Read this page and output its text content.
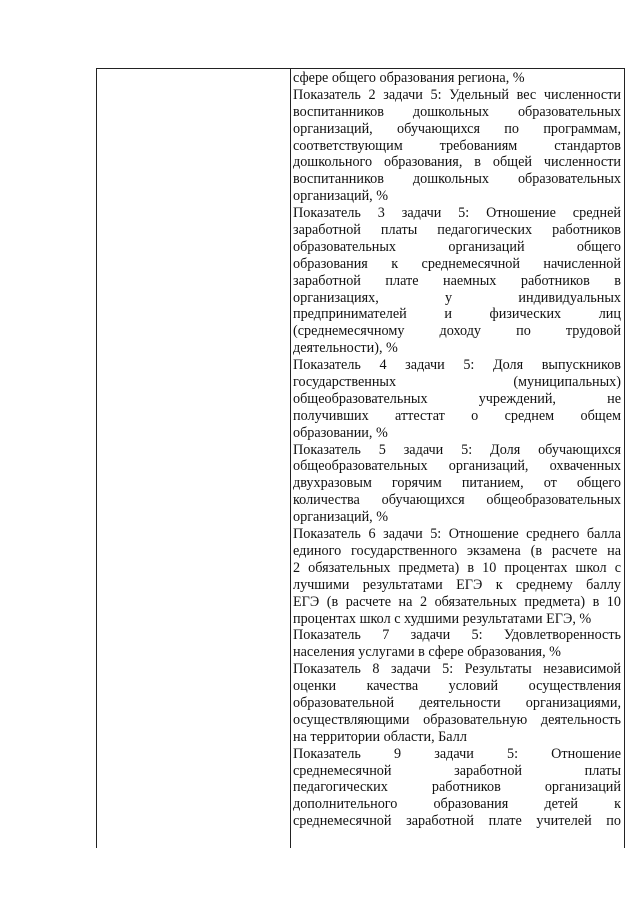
сфере общего образования региона, %
Показатель 2 задачи 5: Удельный вес численности
воспитанников дошкольных образовательных
организаций, обучающихся по программам,
соответствующим требованиям стандартов
дошкольного образования, в общей численности
воспитанников дошкольных образовательных
организаций, %
Показатель 3 задачи 5: Отношение средней
заработной платы педагогических работников
образовательных организаций общего
образования к среднемесячной начисленной
заработной плате наемных работников в
организациях, у индивидуальных
предпринимателей и физических лиц
(среднемесячному доходу по трудовой
деятельности), %
Показатель 4 задачи 5: Доля выпускников
государственных (муниципальных)
общеобразовательных учреждений, не
получивших аттестат о среднем общем
образовании, %
Показатель 5 задачи 5: Доля обучающихся
общеобразовательных организаций, охваченных
двухразовым горячим питанием, от общего
количества обучающихся общеобразовательных
организаций, %
Показатель 6 задачи 5: Отношение среднего балла
единого государственного экзамена (в расчете на
2 обязательных предмета) в 10 процентах школ с
лучшими результатами ЕГЭ к среднему баллу
ЕГЭ (в расчете на 2 обязательных предмета) в 10
процентах школ с худшими результатами ЕГЭ, %
Показатель 7 задачи 5: Удовлетворенность
населения услугами в сфере образования, %
Показатель 8 задачи 5: Результаты независимой
оценки качества условий осуществления
образовательной деятельности организациями,
осуществляющими образовательную деятельность
на территории области, Балл
Показатель 9 задачи 5: Отношение
среднемесячной заработной платы
педагогических работников организаций
дополнительного образования детей к
среднемесячной заработной плате учителей по
